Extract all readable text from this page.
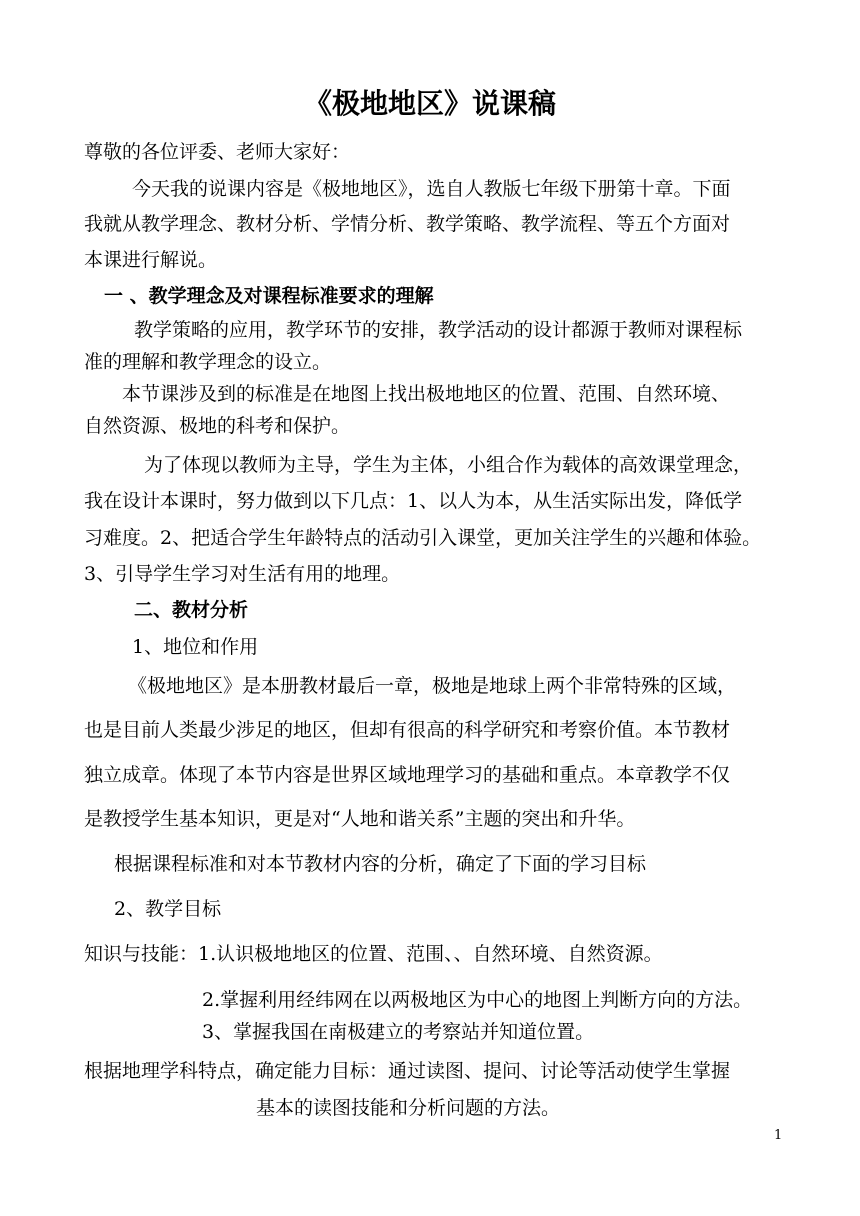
《极地地区》说课稿
尊敬的各位评委、老师大家好：
今天我的说课内容是《极地地区》，选自人教版七年级下册第十章。下面
我就从教学理念、教材分析、学情分析、教学策略、教学流程、等五个方面对
本课进行解说。
一 、教学理念及对课程标准要求的理解
教学策略的应用，教学环节的安排，教学活动的设计都源于教师对课程标
准的理解和教学理念的设立。
本节课涉及到的标准是在地图上找出极地地区的位置、范围、自然环境、
自然资源、极地的科考和保护。
为了体现以教师为主导，学生为主体，小组合作为载体的高效课堂理念，
我在设计本课时，努力做到以下几点：1、以人为本，从生活实际出发，降低学
习难度。2、把适合学生年龄特点的活动引入课堂，更加关注学生的兴趣和体验。
3、引导学生学习对生活有用的地理。
二、教材分析
1、地位和作用
《极地地区》是本册教材最后一章，极地是地球上两个非常特殊的区域，
也是目前人类最少涉足的地区，但却有很高的科学研究和考察价值。本节教材
独立成章。体现了本节内容是世界区域地理学习的基础和重点。本章教学不仅
是教授学生基本知识，更是对“人地和谐关系”主题的突出和升华。
根据课程标准和对本节教材内容的分析，确定了下面的学习目标
2、教学目标
知识与技能：1.认识极地地区的位置、范围、、自然环境、自然资源。
2.掌握利用经纬网在以两极地区为中心的地图上判断方向的方法。
3、掌握我国在南极建立的考察站并知道位置。
根据地理学科特点，确定能力目标：通过读图、提问、讨论等活动使学生掌握
基本的读图技能和分析问题的方法。
1
